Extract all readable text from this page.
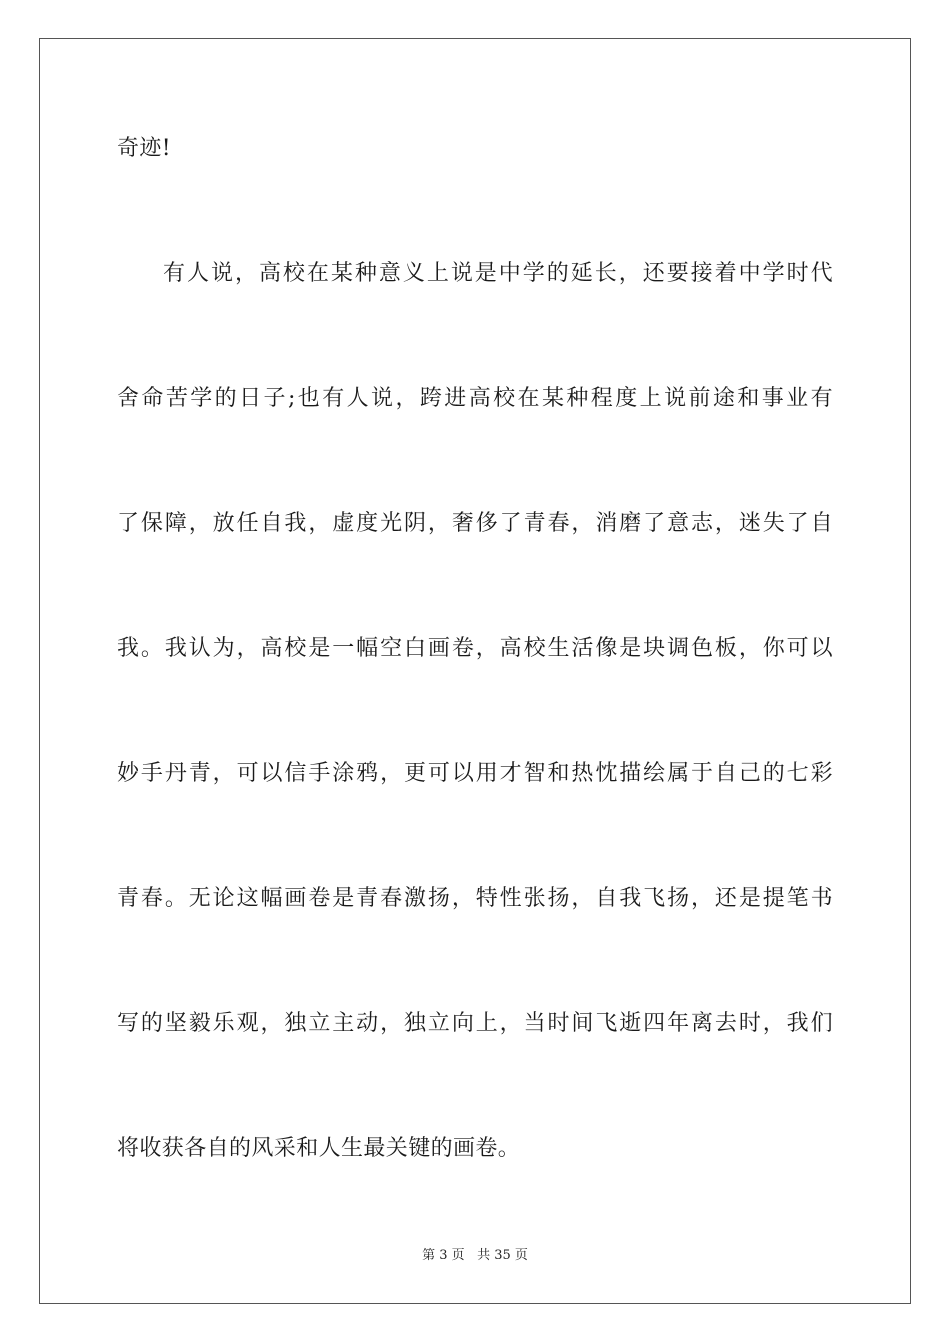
奇迹!
有人说，高校在某种意义上说是中学的延长，还要接着中学时代
舍命苦学的日子;也有人说，跨进高校在某种程度上说前途和事业有
了保障，放任自我，虚度光阴，奢侈了青春，消磨了意志，迷失了自
我。我认为，高校是一幅空白画卷，高校生活像是块调色板，你可以
妙手丹青，可以信手涂鸦，更可以用才智和热忱描绘属于自己的七彩
青春。无论这幅画卷是青春激扬，特性张扬，自我飞扬，还是提笔书
写的坚毅乐观，独立主动，独立向上，当时间飞逝四年离去时，我们
将收获各自的风采和人生最关键的画卷。
第 3 页 共 35 页
